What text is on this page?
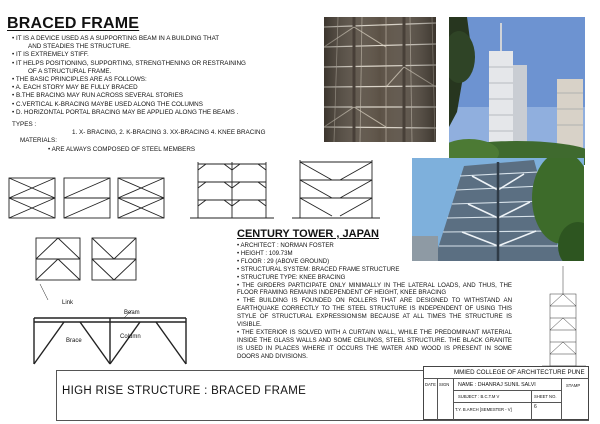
BRACED FRAME
• IT IS A DEVICE USED AS A SUPPORTING BEAM IN A BUILDING THAT
AND STEADIES THE STRUCTURE.
• IT IS EXTREMELY STIFF.
• IT HELPS POSITIONING, SUPPORTING, STRENGTHENING OR RESTRAINING
OF A STRUCTURAL FRAME.
• THE BASIC PRINCIPLES ARE AS FOLLOWS:
• A. EACH STORY MAY BE FULLY BRACED
• B.THE BRACING MAY RUN ACROSS SEVERAL STORIES
• C.VERTICAL K-BRACING MAYBE USED ALONG THE COLUMNS
• D. HORIZONTAL PORTAL BRACING MAY BE APPLIED ALONG THE BEAMS .
TYPES :
1. X- BRACING, 2. K-BRACING 3. XX-BRACING 4. KNEE BRACING
MATERIALS:
• ARE ALWAYS COMPOSED OF STEEL MEMBERS
Link
Beam
Brace
Column
CENTURY TOWER , JAPAN
• ARCHITECT : NORMAN FOSTER
• HEIGHT : 109.73M
• FLOOR : 29 (ABOVE GROUND)
• STRUCTURAL SYSTEM: BRACED FRAME STRUCTURE
• STRUCTURE TYPE: KNEE BRACING
• THE GIRDERS PARTICIPATE ONLY MINIMALLY IN THE LATERAL LOADS, AND THUS, THE FLOOR FRAMING REMAINS INDEPENDENT OF HEIGHT, KNEE BRACING
• THE BUILDING IS FOUNDED ON ROLLERS THAT ARE DESIGNED TO WITHSTAND AN EARTHQUAKE CORRECTLY TO THE STEEL STRUCTURE IS INDEPENDENT OF USING THIS STYLE OF STRUCTURAL EXPRESSIONISM BECAUSE AT ALL TIMES THE STRUCTURE IS VISIBLE.
• THE EXTERIOR IS SOLVED WITH A CURTAIN WALL, WHILE THE PREDOMINANT MATERIAL INSIDE THE GLASS WALLS AND SOME CEILINGS, STEEL STRUCTURE. THE BLACK GRANITE IS USED IN PLACES WHERE IT OCCURS THE WATER AND WOOD IS PRESENT IN SOME DOORS AND DIVISIONS.
HIGH RISE STRUCTURE : BRACED FRAME
MMIED COLLEGE OF ARCHITECTURE PUNE
DATE SIGN NAME : DHANRAJ SUNIL SALVI	STAMP
SUBJECT : B.C.T.M V	SHEET NO.
6
T.Y. B.ARCH [SEMESTER - V]
